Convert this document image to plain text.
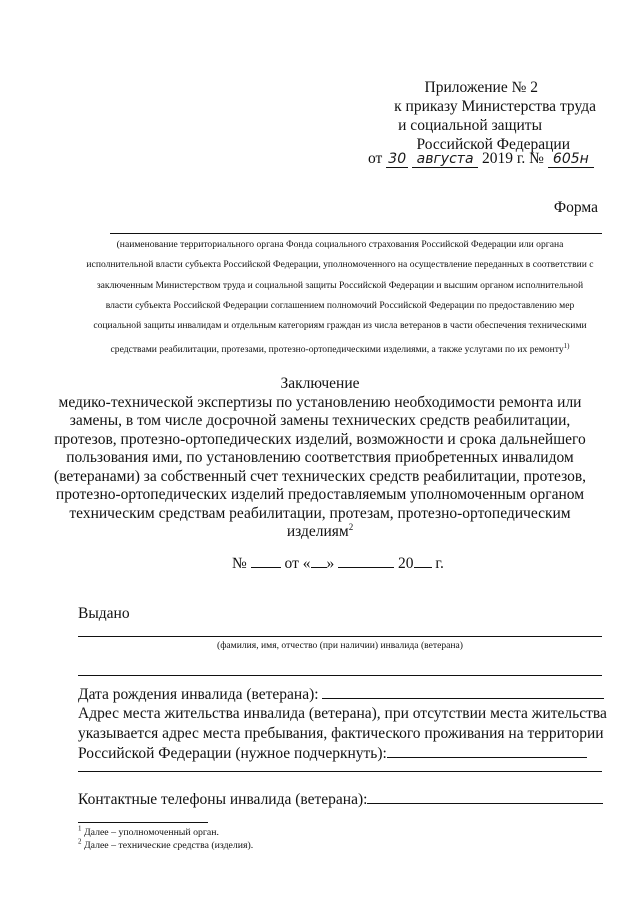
Приложение № 2
к приказу Министерства труда
и социальной защиты
Российской Федерации
от 30 августа 2019 г. № 605н
Форма
(наименование территориального органа Фонда социального страхования Российской Федерации или органа
исполнительной власти субъекта Российской Федерации, уполномоченного на осуществление переданных в соответствии с
заключенным Министерством труда и социальной защиты Российской Федерации и высшим органом исполнительной
власти субъекта Российской Федерации соглашением полномочий Российской Федерации по предоставлению мер
социальной защиты инвалидам и отдельным категориям граждан из числа ветеранов в части обеспечения техническими
средствами реабилитации, протезами, протезно-ортопедическими изделиями, а также услугами по их ремонту$^{1)}$
Заключение
медико-технической экспертизы по установлению необходимости ремонта или
замены, в том числе досрочной замены технических средств реабилитации,
протезов, протезно-ортопедических изделий, возможности и срока дальнейшего
пользования ими, по установлению соответствия приобретенных инвалидом
(ветеранами) за собственный счет технических средств реабилитации, протезов,
протезно-ортопедических изделий предоставляемым уполномоченным органом
техническим средствам реабилитации, протезам, протезно-ортопедическим
изделиям$^2$
№ от « »	20 г.
Выдано
(фамилия, имя, отчество (при наличии) инвалида (ветерана)
Дата рождения инвалида (ветерана):
Адрес места жительства инвалида (ветерана), при отсутствии места жительства
указывается адрес места пребывания, фактического проживания на территории
Российской Федерации (нужное подчеркнуть):
Контактные телефоны инвалида (ветерана):
$^1$ Далее – уполномоченный орган.
$^2$ Далее – технические средства (изделия).
